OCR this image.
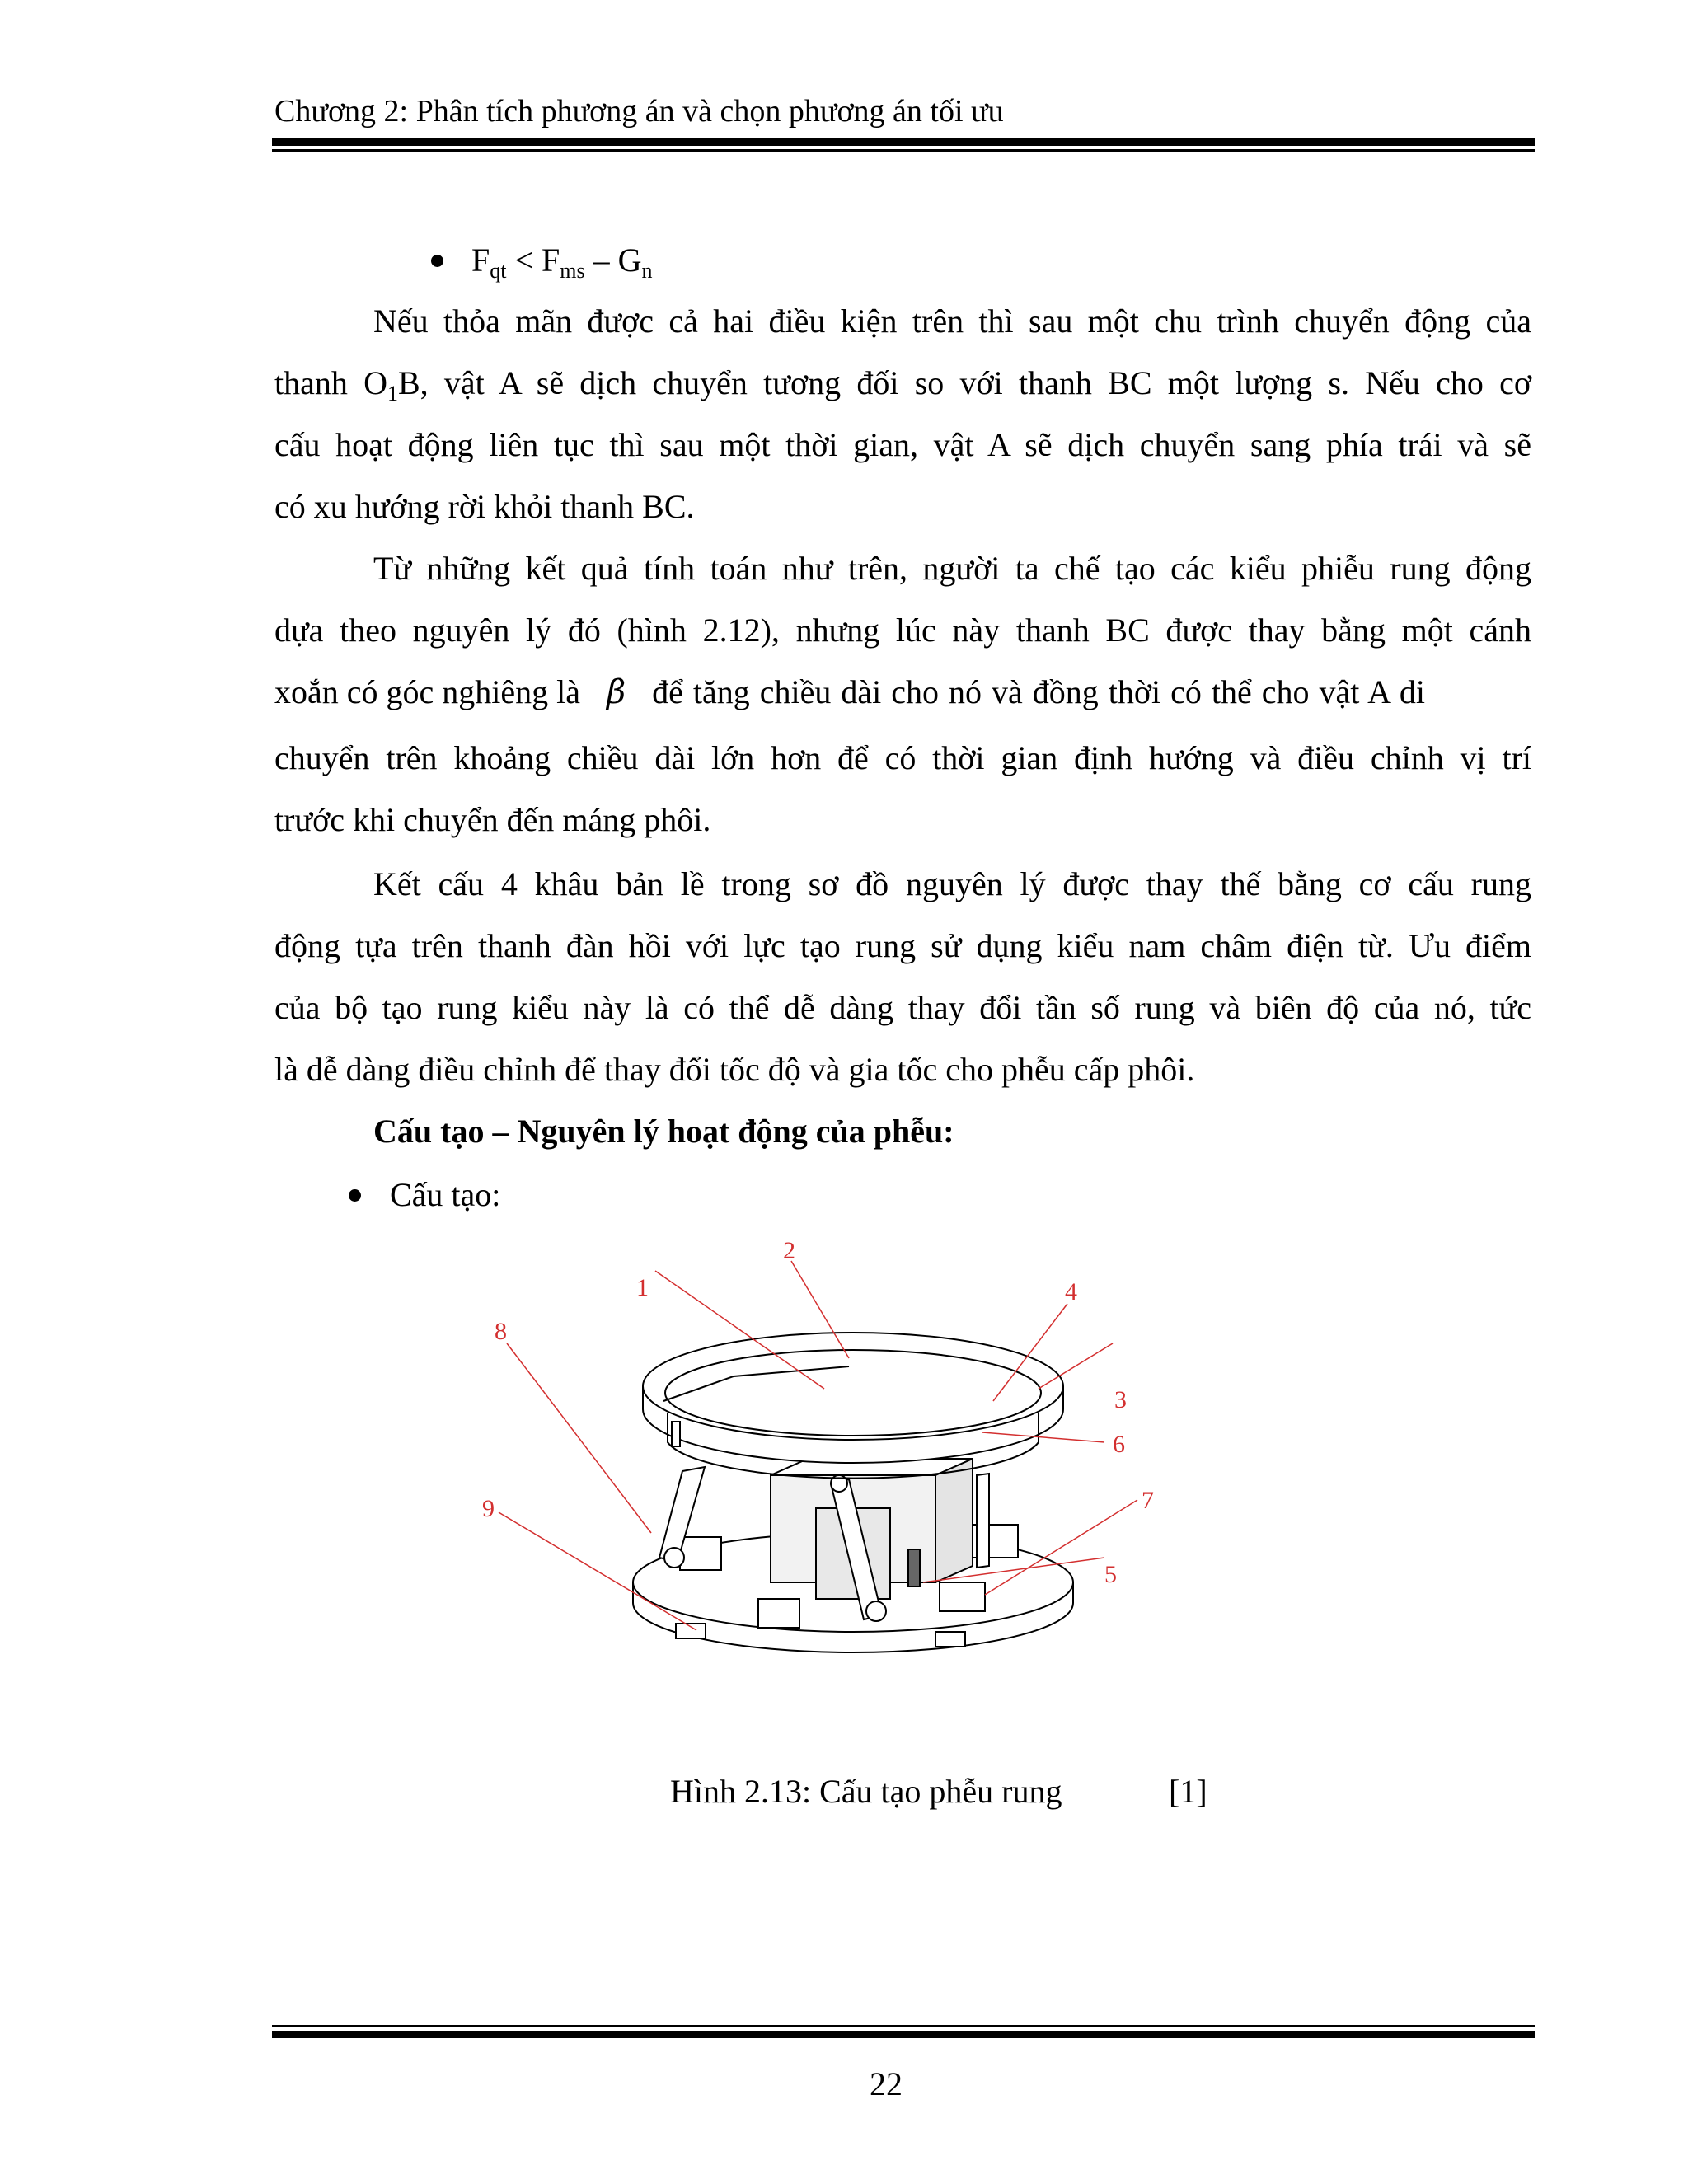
Chương 2: Phân tích phương án và chọn phương án tối ưu
$F_{qt} < F_{ms} - G_n$
Nếu thỏa mãn được cả hai điều kiện trên thì sau một chu trình chuyển động của
thanh $O_1B$, vật A sẽ dịch chuyển tương đối so với thanh BC một lượng s. Nếu cho cơ
cấu hoạt động liên tục thì sau một thời gian, vật A sẽ dịch chuyển sang phía trái và sẽ
có xu hướng rời khỏi thanh BC.
Từ những kết quả tính toán như trên, người ta chế tạo các kiểu phiễu rung động
dựa theo nguyên lý đó (hình 2.12), nhưng lúc này thanh BC được thay bằng một cánh
xoắn có góc nghiêng là β để tăng chiều dài cho nó và đồng thời có thể cho vật A di
chuyển trên khoảng chiều dài lớn hơn để có thời gian định hướng và điều chỉnh vị trí
trước khi chuyển đến máng phôi.
Kết cấu 4 khâu bản lề trong sơ đồ nguyên lý được thay thế bằng cơ cấu rung
động tựa trên thanh đàn hồi với lực tạo rung sử dụng kiểu nam châm điện từ. Ưu điểm
của bộ tạo rung kiểu này là có thể dễ dàng thay đổi tần số rung và biên độ của nó, tức
là dễ dàng điều chỉnh để thay đổi tốc độ và gia tốc cho phễu cấp phôi.
Cấu tạo – Nguyên lý hoạt động của phễu:
Cấu tạo:
1
2
3
4
5
6
7
8
9
Hình 2.13: Cấu tạo phễu rung	[1]
22
